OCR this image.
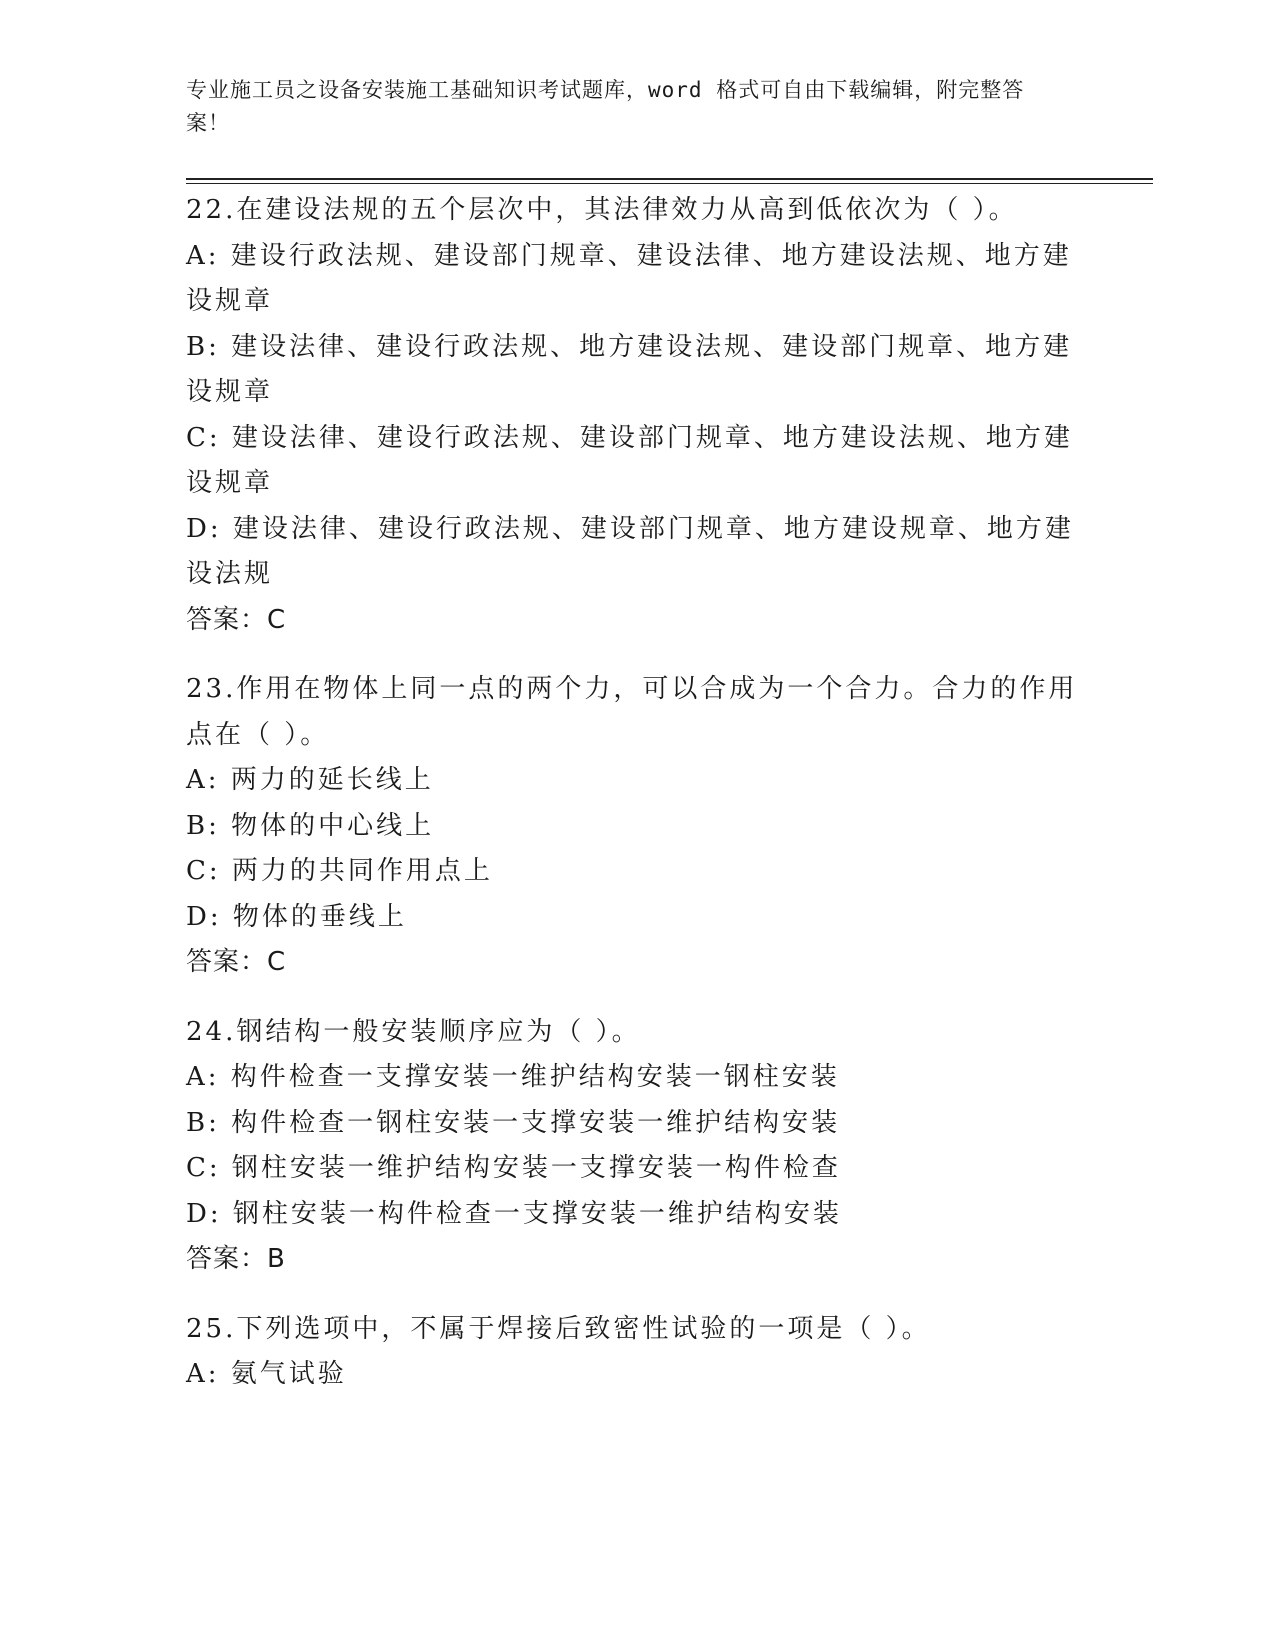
专业施工员之设备安装施工基础知识考试题库，word 格式可自由下载编辑，附完整答案！
22.在建设法规的五个层次中，其法律效力从高到低依次为（ ）。
A: 建设行政法规、建设部门规章、建设法律、地方建设法规、地方建设规章
B: 建设法律、建设行政法规、地方建设法规、建设部门规章、地方建设规章
C: 建设法律、建设行政法规、建设部门规章、地方建设法规、地方建设规章
D: 建设法律、建设行政法规、建设部门规章、地方建设规章、地方建设法规
答案：C
23.作用在物体上同一点的两个力，可以合成为一个合力。合力的作用点在（ ）。
A: 两力的延长线上
B: 物体的中心线上
C: 两力的共同作用点上
D: 物体的垂线上
答案：C
24.钢结构一般安装顺序应为（ ）。
A: 构件检查一支撑安装一维护结构安装一钢柱安装
B: 构件检查一钢柱安装一支撑安装一维护结构安装
C: 钢柱安装一维护结构安装一支撑安装一构件检查
D: 钢柱安装一构件检查一支撑安装一维护结构安装
答案：B
25.下列选项中，不属于焊接后致密性试验的一项是（ ）。
A: 氨气试验
